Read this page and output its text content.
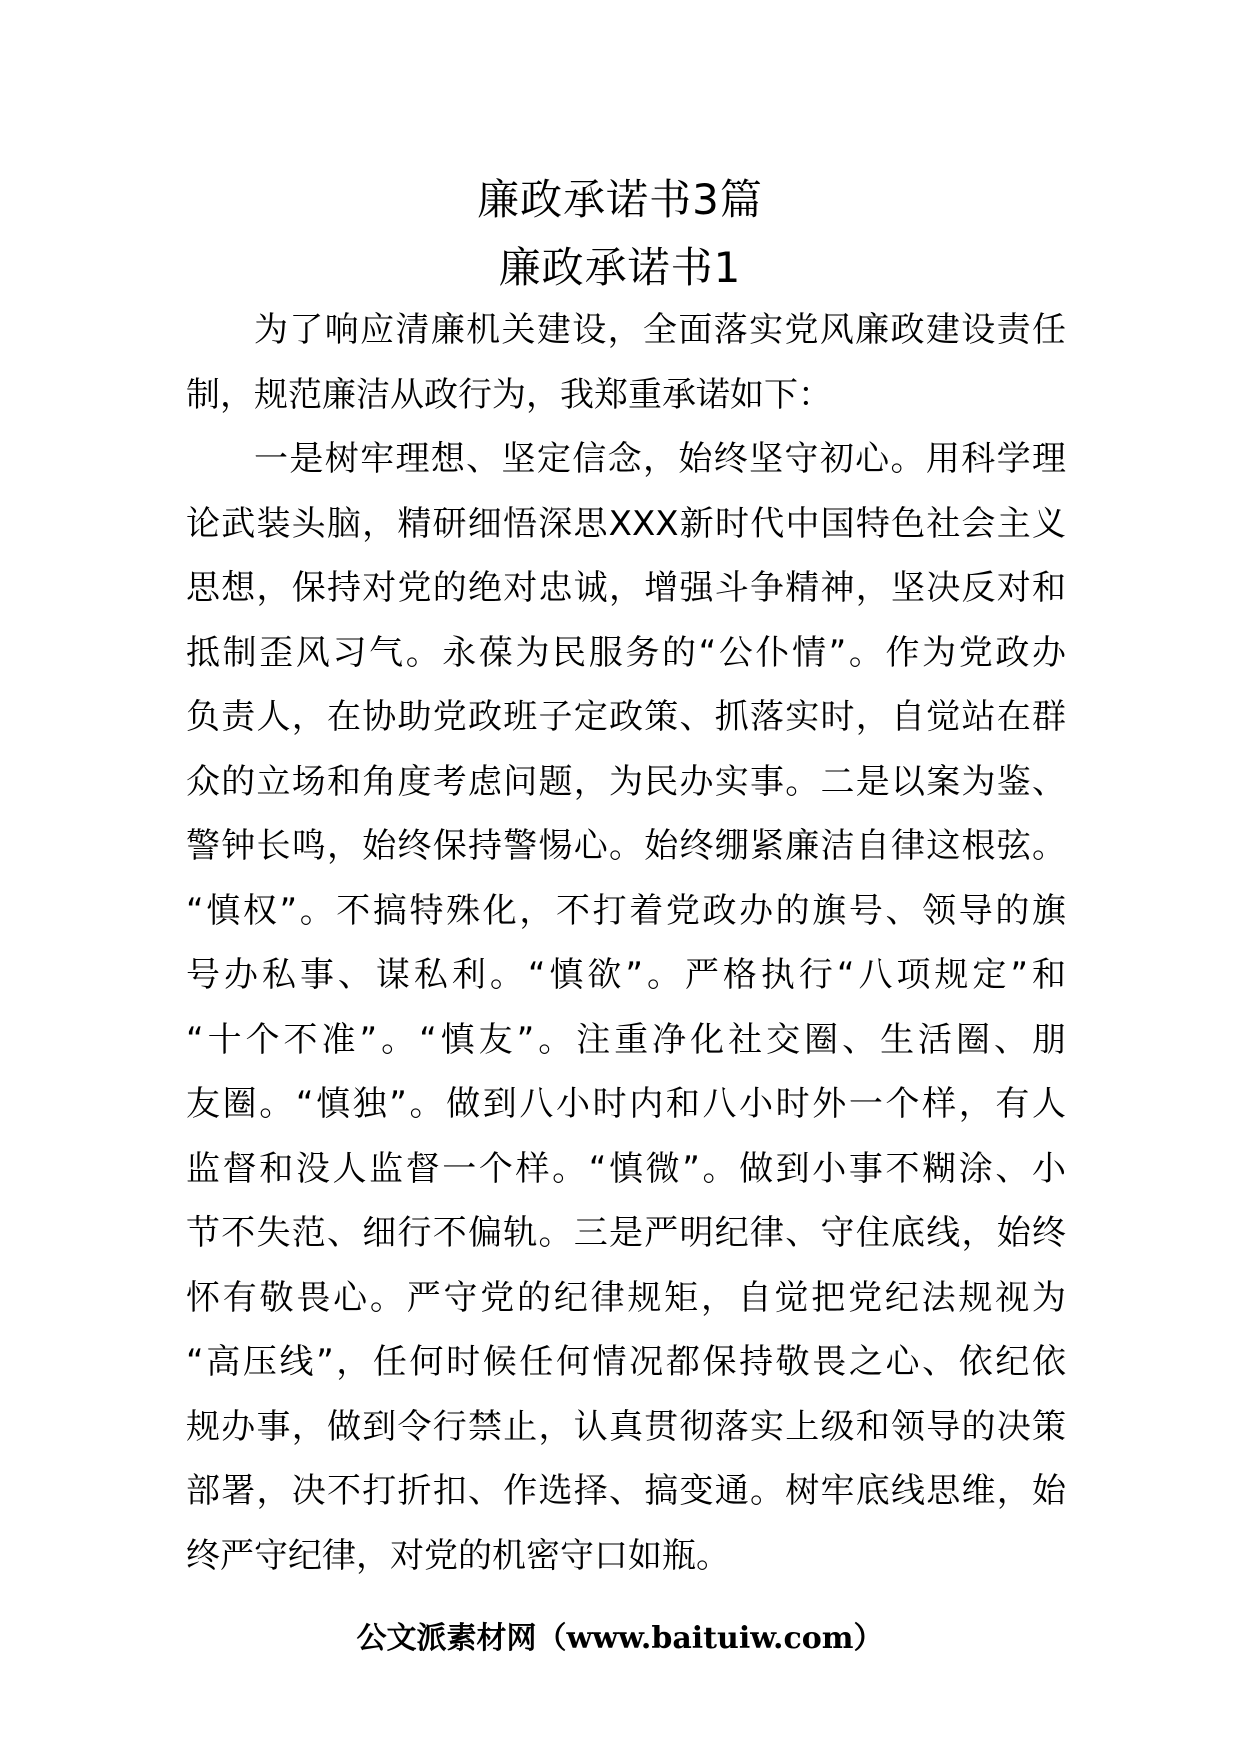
廉政承诺书3篇
廉政承诺书1
为了响应清廉机关建设，全面落实党风廉政建设责任
制，规范廉洁从政行为，我郑重承诺如下：
一是树牢理想、坚定信念，始终坚守初心。用科学理
论武装头脑，精研细悟深思XXX新时代中国特色社会主义
思想，保持对党的绝对忠诚，增强斗争精神，坚决反对和
抵制歪风习气。永葆为民服务的“公仆情”。作为党政办
负责人，在协助党政班子定政策、抓落实时，自觉站在群
众的立场和角度考虑问题，为民办实事。二是以案为鉴、
警钟长鸣，始终保持警惕心。始终绷紧廉洁自律这根弦。
“慎权”。不搞特殊化，不打着党政办的旗号、领导的旗
号办私事、谋私利。“慎欲”。严格执行“八项规定”和
“十个不准”。“慎友”。注重净化社交圈、生活圈、朋
友圈。“慎独”。做到八小时内和八小时外一个样，有人
监督和没人监督一个样。“慎微”。做到小事不糊涂、小
节不失范、细行不偏轨。三是严明纪律、守住底线，始终
怀有敬畏心。严守党的纪律规矩，自觉把党纪法规视为
“高压线”，任何时候任何情况都保持敬畏之心、依纪依
规办事，做到令行禁止，认真贯彻落实上级和领导的决策
部署，决不打折扣、作选择、搞变通。树牢底线思维，始
终严守纪律，对党的机密守口如瓶。
公文派素材网（www.baituiw.com）
